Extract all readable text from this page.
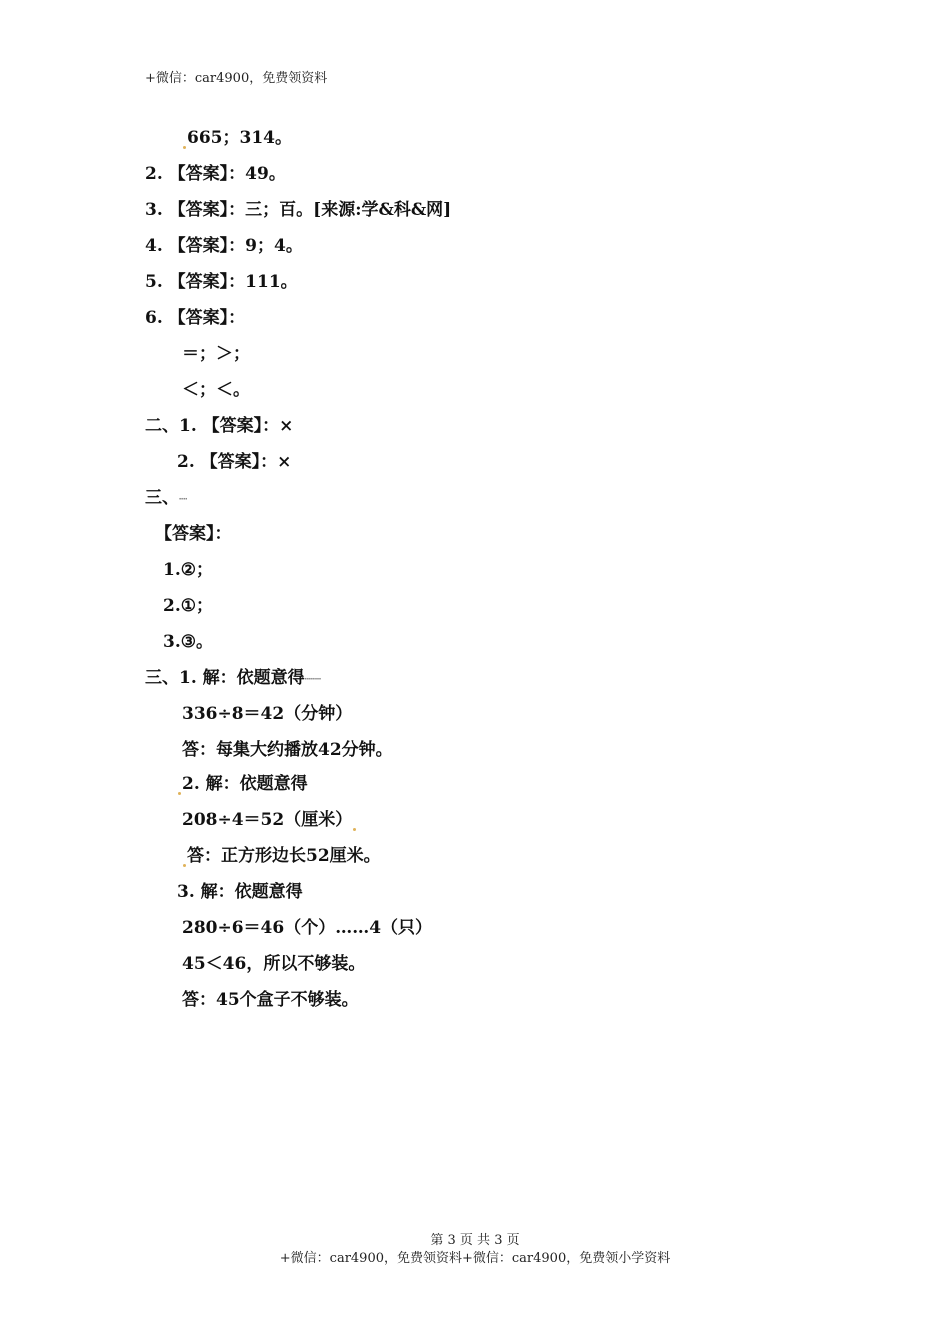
+微信：car4900，免费领资料
665；314。
2. 【答案】：49。
3. 【答案】：三；百。[来源:学&科&网]
4. 【答案】：9；4。
5. 【答案】：111。
6. 【答案】：
＝；＞；
＜；＜。
二、1. 【答案】：×
2. 【答案】：×
三、▪▪▪▪
【答案】：
1.②；
2.①；
3.③。
三、1. 解：依题意得▪▪▪▪▪▪▪▪
336÷8＝42（分钟）
答：每集大约播放42分钟。
2. 解：依题意得
208÷4＝52（厘米）
答：正方形边长52厘米。
3. 解：依题意得
280÷6＝46（个）……4（只）
45＜46，所以不够装。
答：45个盒子不够装。
第 3 页 共 3 页
+微信：car4900，免费领资料+微信：car4900，免费领小学资料
